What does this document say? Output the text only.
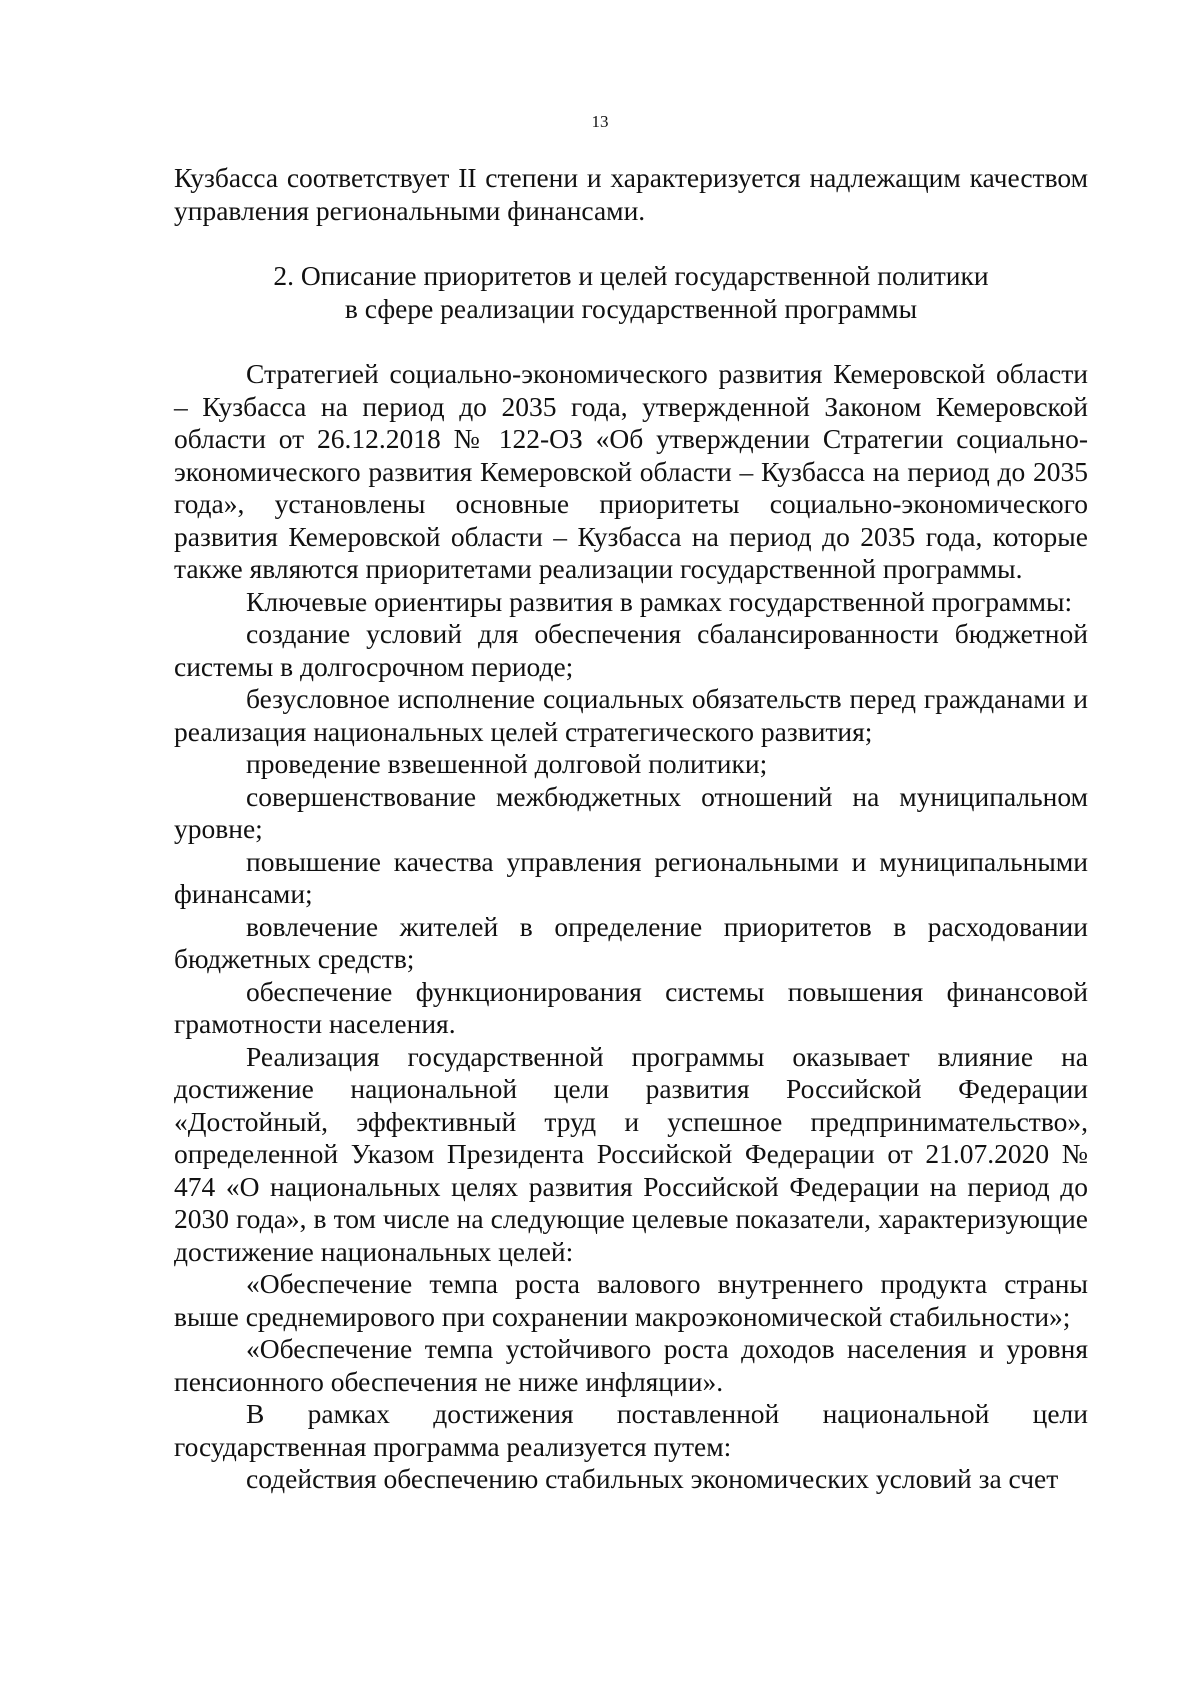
13

Кузбасса соответствует II степени и характеризуется надлежащим качеством управления региональными финансами.

2. Описание приоритетов и целей государственной политики
в сфере реализации государственной программы

Стратегией социально-экономического развития Кемеровской области – Кузбасса на период до 2035 года, утвержденной Законом Кемеровской области от 26.12.2018 № 122-ОЗ «Об утверждении Стратегии социально-экономического развития Кемеровской области – Кузбасса на период до 2035 года», установлены основные приоритеты социально-экономического развития Кемеровской области – Кузбасса на период до 2035 года, которые также являются приоритетами реализации государственной программы.

Ключевые ориентиры развития в рамках государственной программы:

создание условий для обеспечения сбалансированности бюджетной системы в долгосрочном периоде;

безусловное исполнение социальных обязательств перед гражданами и реализация национальных целей стратегического развития;

проведение взвешенной долговой политики;

совершенствование межбюджетных отношений на муниципальном уровне;

повышение качества управления региональными и муниципальными финансами;

вовлечение жителей в определение приоритетов в расходовании бюджетных средств;

обеспечение функционирования системы повышения финансовой грамотности населения.

Реализация государственной программы оказывает влияние на достижение национальной цели развития Российской Федерации «Достойный, эффективный труд и успешное предпринимательство», определенной Указом Президента Российской Федерации от 21.07.2020 № 474 «О национальных целях развития Российской Федерации на период до 2030 года», в том числе на следующие целевые показатели, характеризующие достижение национальных целей:

«Обеспечение темпа роста валового внутреннего продукта страны выше среднемирового при сохранении макроэкономической стабильности»;

«Обеспечение темпа устойчивого роста доходов населения и уровня пенсионного обеспечения не ниже инфляции».

В рамках достижения поставленной национальной цели государственная программа реализуется путем:

содействия обеспечению стабильных экономических условий за счет
